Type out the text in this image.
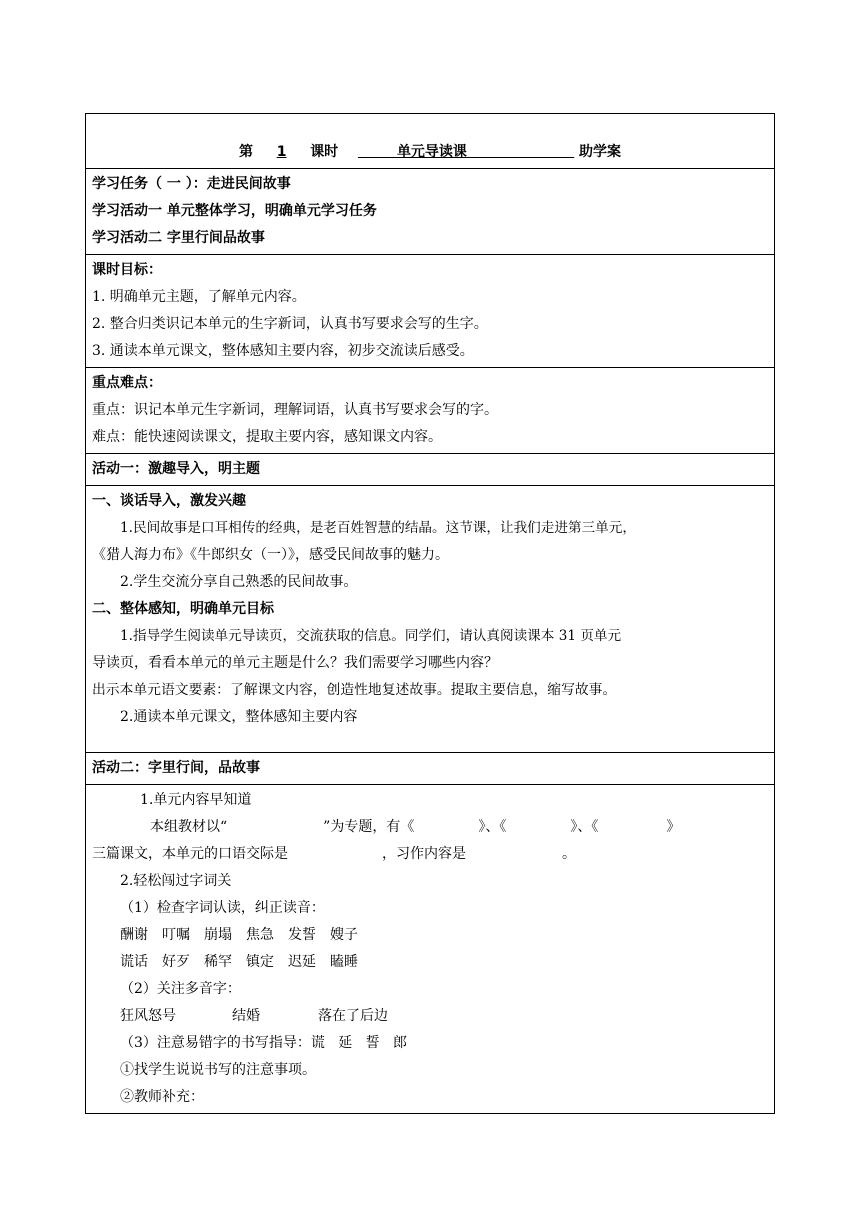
第 1 课时	单元导读课	助学案

学习任务（ 一 ）：走进民间故事
学习活动一 单元整体学习，明确单元学习任务
学习活动二 字里行间品故事

课时目标：
1. 明确单元主题，了解单元内容。
2. 整合归类识记本单元的生字新词，认真书写要求会写的生字。
3. 通读本单元课文，整体感知主要内容，初步交流读后感受。

重点难点：
重点：识记本单元生字新词，理解词语，认真书写要求会写的字。
难点：能快速阅读课文，提取主要内容，感知课文内容。

活动一：激趣导入，明主题

一、谈话导入，激发兴趣
1.民间故事是口耳相传的经典，是老百姓智慧的结晶。这节课，让我们走进第三单元，
《猎人海力布》《牛郎织女（一）》，感受民间故事的魅力。
2.学生交流分享自己熟悉的民间故事。
二、整体感知，明确单元目标
1.指导学生阅读单元导读页，交流获取的信息。同学们，请认真阅读课本 31 页单元
导读页，看看本单元的单元主题是什么？我们需要学习哪些内容？
出示本单元语文要素：了解课文内容，创造性地复述故事。提取主要信息，缩写故事。
2.通读本单元课文，整体感知主要内容

活动二：字里行间，品故事

1.单元内容早知道
本组教材以“	”为专题，有《	》、《	》、《	》
三篇课文，本单元的口语交际是	，习作内容是	。
2.轻松闯过字词关
（1）检查字词认读，纠正读音：
酬谢 叮嘱 崩塌 焦急 发誓 嫂子
谎话 好歹 稀罕 镇定 迟延 瞌睡
（2）关注多音字：
狂风怒号	结婚	落在了后边
（3）注意易错字的书写指导：谎   延   誓   郎
①找学生说说书写的注意事项。
②教师补充：
